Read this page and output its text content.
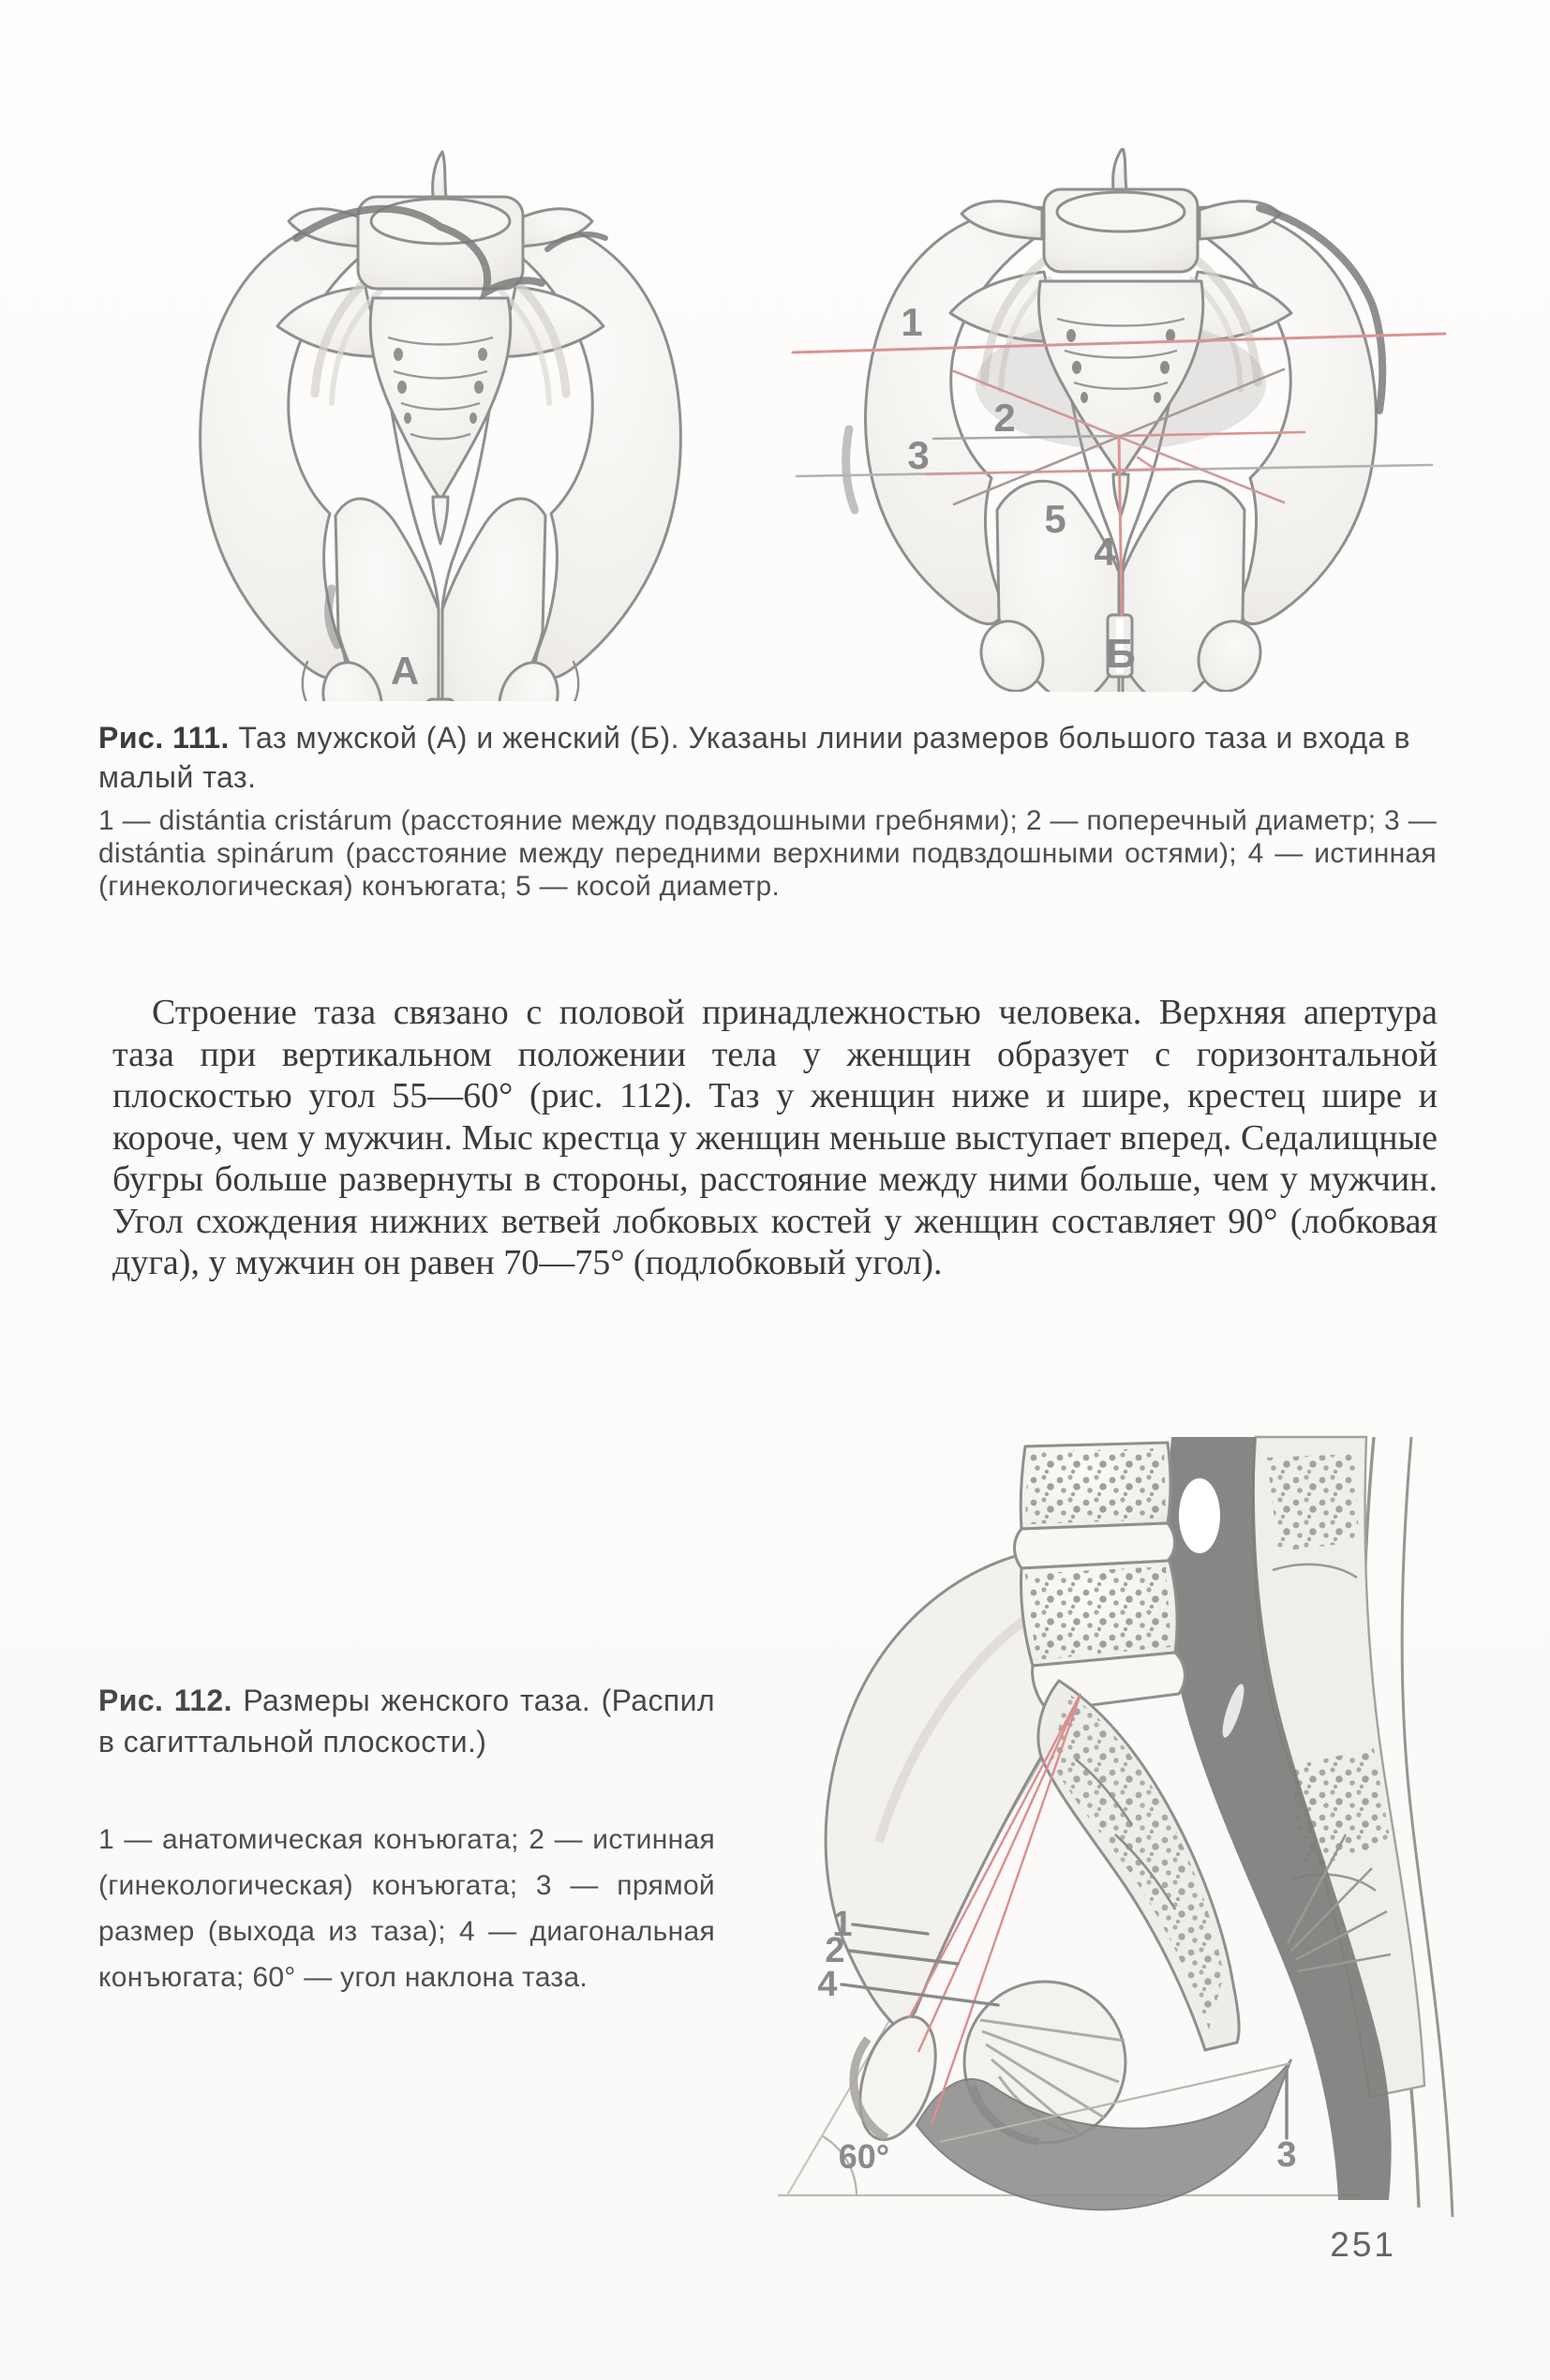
А
1
2
3
5
4
Б
Рис. 111. Таз мужской (А) и женский (Б). Указаны линии размеров большого таза и входа в малый таз.
1 — distántia cristárum (расстояние между подвздошными гребнями); 2 — поперечный диаметр; 3 — distántia spinárum (расстояние между передними верхними подвздошными остями); 4 — истинная (гинекологическая) конъюгата; 5 — косой диаметр.

Строение таза связано с половой принадлежностью человека. Верхняя апертура таза при вертикальном положении тела у женщин образует с горизонтальной плоскостью угол 55—60° (рис. 112). Таз у женщин ниже и шире, крестец шире и короче, чем у мужчин. Мыс крестца у женщин меньше выступает вперед. Седалищные бугры больше развернуты в стороны, расстояние между ними больше, чем у мужчин. Угол схождения нижних ветвей лобковых костей у женщин составляет 90° (лобковая дуга), у мужчин он равен 70—75° (подлобковый угол).

1
2
4
3
60°
Рис. 112. Размеры женского таза. (Распил в сагиттальной плоскости.)
1 — анатомическая конъюгата; 2 — истинная (гинекологическая) конъюгата; 3 — прямой размер (выхода из таза); 4 — диагональная конъюгата; 60° — угол наклона таза.
251
